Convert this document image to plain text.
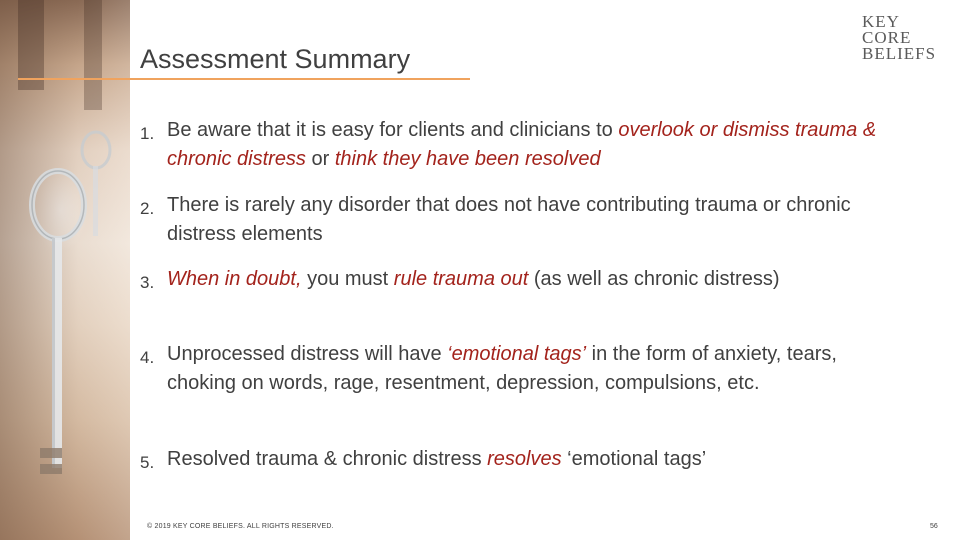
Assessment Summary
KEY
CORE
BELIEFS
1. Be aware that it is easy for clients and clinicians to overlook or dismiss trauma & chronic distress or think they have been resolved
2. There is rarely any disorder that does not have contributing trauma or chronic distress elements
3. When in doubt, you must rule trauma out (as well as chronic distress)
4. Unprocessed distress will have ‘emotional tags’ in the form of anxiety, tears, choking on words, rage, resentment, depression, compulsions, etc.
5. Resolved trauma & chronic distress resolves ‘emotional tags’
© 2019 KEY CORE BELIEFS. ALL RIGHTS RESERVED.	56
